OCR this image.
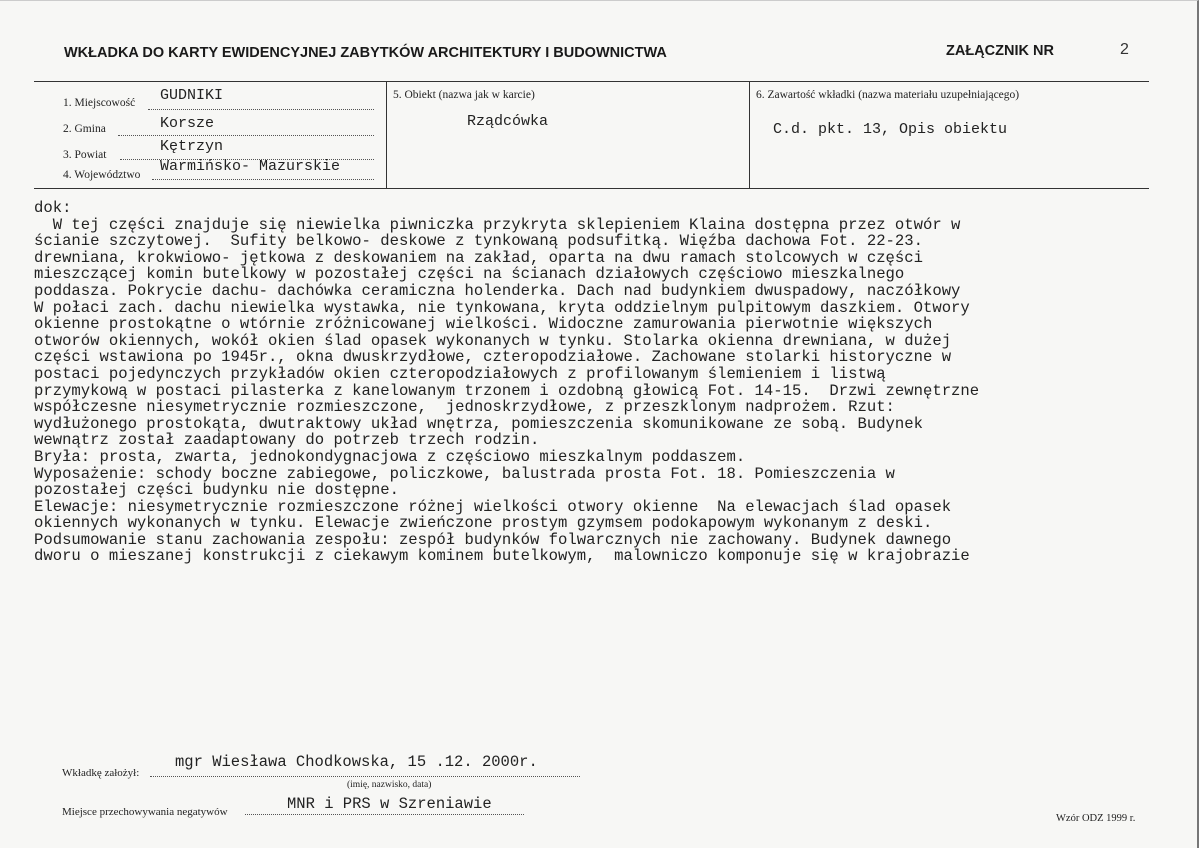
WKŁADKA DO KARTY EWIDENCYJNEJ ZABYTKÓW ARCHITEKTURY I BUDOWNICTWA	ZAŁĄCZNIK NR	2
1. Miejscowość GUDNIKI
2. Gmina	Korsze
3. Powiat	Kętrzyn
4. Województwo Warmińsko- Mazurskie
5. Obiekt (nazwa jak w karcie)
Rządcówka
6. Zawartość wkładki (nazwa materiału uzupełniającego)
C.d. pkt. 13, Opis obiektu
dok:
W tej części znajduje się niewielka piwniczka przykryta sklepieniem Klaina dostępna przez otwór w
ścianie szczytowej.  Sufity belkowo- deskowe z tynkowaną podsufitką. Więźba dachowa Fot. 22-23.
drewniana, krokwiowo- jętkowa z deskowaniem na zakład, oparta na dwu ramach stolcowych w części
mieszczącej komin butelkowy w pozostałej części na ścianach działowych częściowo mieszkalnego
poddasza. Pokrycie dachu- dachówka ceramiczna holenderka. Dach nad budynkiem dwuspadowy, naczółkowy
W połaci zach. dachu niewielka wystawka, nie tynkowana, kryta oddzielnym pulpitowym daszkiem. Otwory
okienne prostokątne o wtórnie zróżnicowanej wielkości. Widoczne zamurowania pierwotnie większych
otworów okiennych, wokół okien ślad opasek wykonanych w tynku. Stolarka okienna drewniana, w dużej
części wstawiona po 1945r., okna dwuskrzydłowe, czteropodziałowe. Zachowane stolarki historyczne w
postaci pojedynczych przykładów okien czteropodziałowych z profilowanym ślemieniem i listwą
przymykową w postaci pilasterka z kanelowanym trzonem i ozdobną głowicą Fot. 14-15.  Drzwi zewnętrzne
współczesne niesymetrycznie rozmieszczone,  jednoskrzydłowe, z przeszklonym nadprożem. Rzut:
wydłużonego prostokąta, dwutraktowy układ wnętrza, pomieszczenia skomunikowane ze sobą. Budynek
wewnątrz został zaadaptowany do potrzeb trzech rodzin.
Bryła: prosta, zwarta, jednokondygnacjowa z częściowo mieszkalnym poddaszem.
Wyposażenie: schody boczne zabiegowe, policzkowe, balustrada prosta Fot. 18. Pomieszczenia w
pozostałej części budynku nie dostępne.
Elewacje: niesymetrycznie rozmieszczone różnej wielkości otwory okienne  Na elewacjach ślad opasek
okiennych wykonanych w tynku. Elewacje zwieńczone prostym gzymsem podokapowym wykonanym z deski.
Podsumowanie stanu zachowania zespołu: zespół budynków folwarcznych nie zachowany. Budynek dawnego
dworu o mieszanej konstrukcji z ciekawym kominem butelkowym,  malowniczo komponuje się w krajobrazie

Wkładkę założył:
mgr Wiesława Chodkowska, 15 .12. 2000r.
(imię, nazwisko, data)
Miejsce przechowywania negatywów	MNR i PRS w Szreniawie
Wzór ODZ 1999 r.
